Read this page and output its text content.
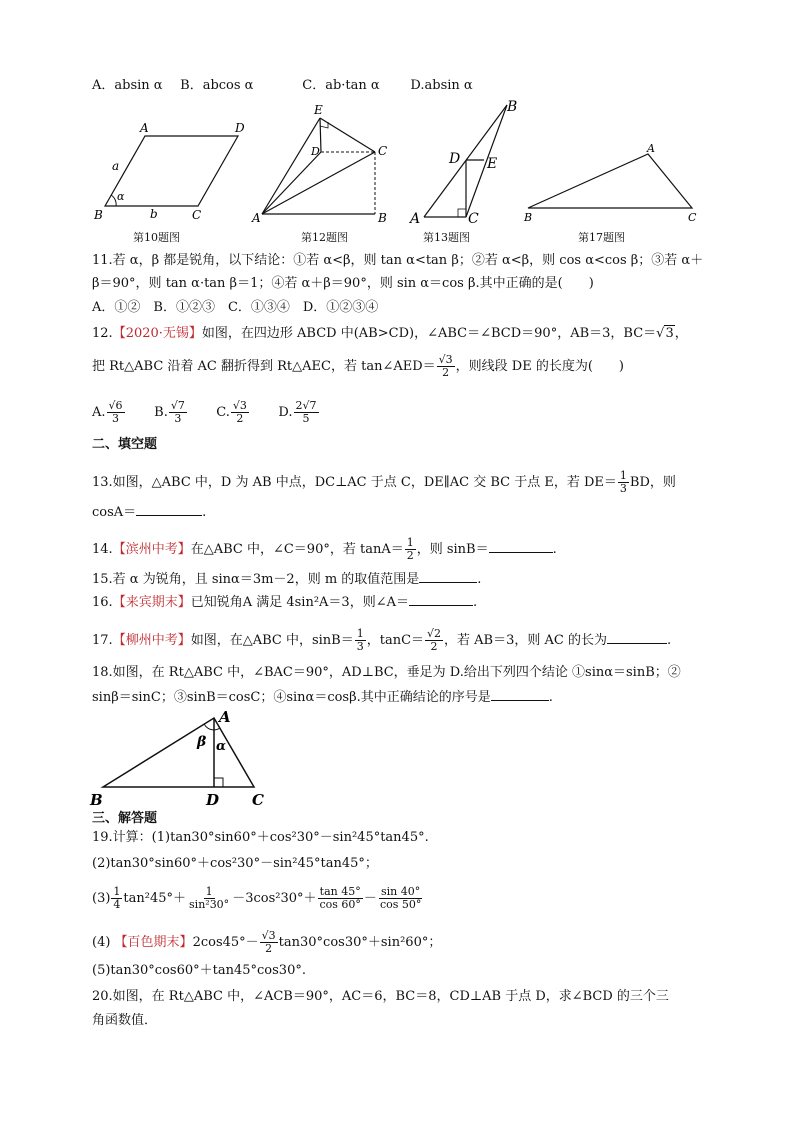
A．absin α B．abcos α	C．ab·tan α D.absin α
A	D
a
α
B	b	C
第10题图
E
D	C
A	B
第12题图
B
D E
A	C
第13题图
A
B	C
第17题图
11.若 α，β 都是锐角，以下结论：①若 α<β，则 tan α<tan β；②若 α<β，则 cos α<cos β；③若 α＋
β＝90°，则 tan α·tan β＝1；④若 α＋β＝90°，则 sin α＝cos β.其中正确的是(　　)
A．①②　B．①②③　C．①③④　D．①②③④
12.【2020·无锡】如图，在四边形 ABCD 中(AB>CD)，∠ABC＝∠BCD＝90°，AB＝3，BC＝√3，
把 Rt△ABC 沿着 AC 翻折得到 Rt△AEC，若 tan∠AED＝ $\frac{√3}{2}$ ，则线段 DE 的长度为(　　)
A. $\frac{√6}{3} B$. $\frac{√7}{3} C$. $\frac{√3}{2} D$. $\frac{2√7}{5}$
二、填空题
13.如图，△ABC 中，D 为 AB 中点，DC⊥AC 于点 C，DE∥AC 交 BC 于点 E，若 $DE= \frac{1}{3}$ BD，则
cosA＝	.
14.【滨州中考】在△ABC 中，∠C＝90°，若 $\tan A= \frac{1}{2}$ ，则 sinB＝	.
15.若 α 为锐角，且 sinα＝3m－2，则 m 的取值范围是	.
16.【来宾期末】已知锐角A 满足 4sin²A＝3，则∠A＝	.
17.【柳州中考】如图，在△ABC 中，$\sin B= \frac{1}{3}$ ，$\tan C= \frac{√2}{2}$ ，若 AB＝3，则 AC 的长为	.
18.如图，在 Rt△ABC 中，∠BAC＝90°，AD⊥BC，垂足为 D.给出下列四个结论 ①sinα＝sinB；②
sinβ＝sinC；③sinB＝cosC；④sinα＝cosβ.其中正确结论的序号是	.
A
β α
B	D C
三、解答题
19.计算：(1)tan30°sin60°＋cos²30°－sin²45°tan45°.
(2)tan30°sin60°＋cos²30°－sin²45°tan45°；
$(3) \frac{1}{4} \tan^245^\circ+ \frac{1}{\text{sin²30°}} -3\cos^230^\circ+ \frac{\tan 45^\circ}{\cos 60^\circ} - \frac{\sin 40^\circ}{\cos 50^\circ}$
(4) 【百色期末】$2\cos 45^\circ- \frac{√3}{2} \tan 30^\circ\cos 30^\circ+\sin^260^\circ$；
(5)tan30°cos60°＋tan45°cos30°.
20.如图，在 Rt△ABC 中，∠ACB＝90°，AC＝6，BC＝8，CD⊥AB 于点 D，求∠BCD 的三个三
角函数值．
